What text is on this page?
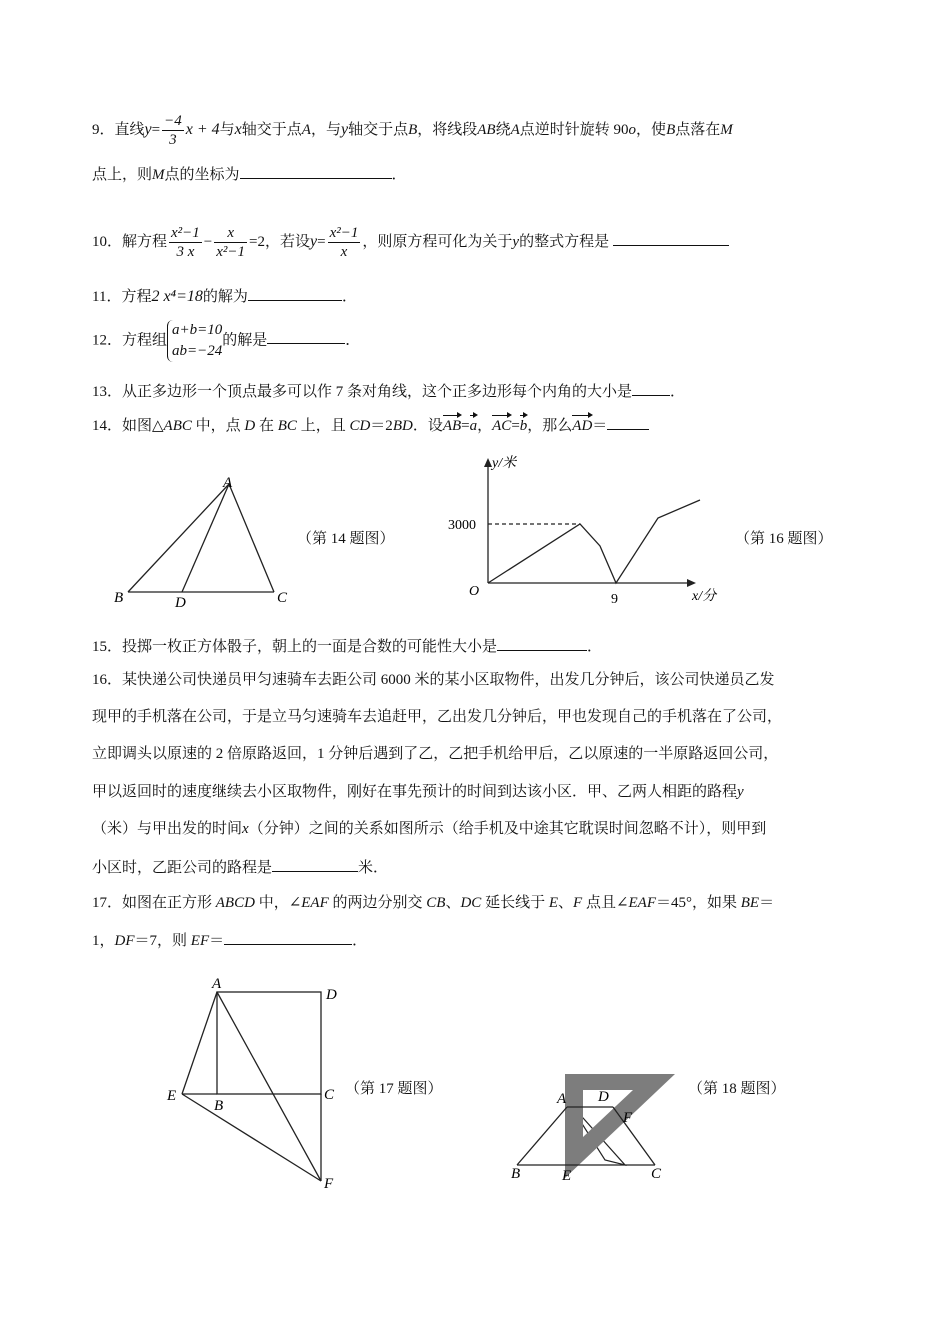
9．直线$y= \frac{-4}{3}$ x + 4与x轴交于点A，与y轴交于点B，将线段AB绕A点逆时针旋转 90o，使B点落在M
点上，则M点的坐标为	．
10．解方程 $\frac{\text{x²−1}}{3 x} - \frac{x}{\text{x²−1}} =2$，若设$y= \frac{\text{x²−1}}{x}$ ，则原方程可化为关于y的整式方程是
11．方程2 x⁴=18的解为	．
12．方程组
a+b=10
ab=−24
的解是	．
13．从正多边形一个顶点最多可以作 7 条对角线，这个正多边形每个内角的大小是	．
14．如图△ABC 中，点 D 在 BC 上，且 CD＝2BD．设AB=a，AC=b，那么AD＝
A
B	D	C
（第 14 题图）
y/米
x/分
O
3000
9
（第 16 题图）
15．投掷一枚正方体骰子，朝上的一面是合数的可能性大小是	．
16．某快递公司快递员甲匀速骑车去距公司 6000 米的某小区取物件，出发几分钟后，该公司快递员乙发
现甲的手机落在公司，于是立马匀速骑车去追赶甲，乙出发几分钟后，甲也发现自己的手机落在了公司，
立即调头以原速的 2 倍原路返回，1 分钟后遇到了乙，乙把手机给甲后，乙以原速的一半原路返回公司，
甲以返回时的速度继续去小区取物件，刚好在事先预计的时间到达该小区．甲、乙两人相距的路程y
（米）与甲出发的时间x（分钟）之间的关系如图所示（给手机及中途其它耽误时间忽略不计），则甲到
小区时，乙距公司的路程是	米．
17．如图在正方形 ABCD 中，∠EAF 的两边分别交 CB、DC 延长线于 E、F 点且∠EAF＝45°，如果 BE＝
1，DF＝7，则 EF＝	．
A
D
E
B
C
F
（第 17 题图）
A D
F
B	E	C
（第 18 题图）
